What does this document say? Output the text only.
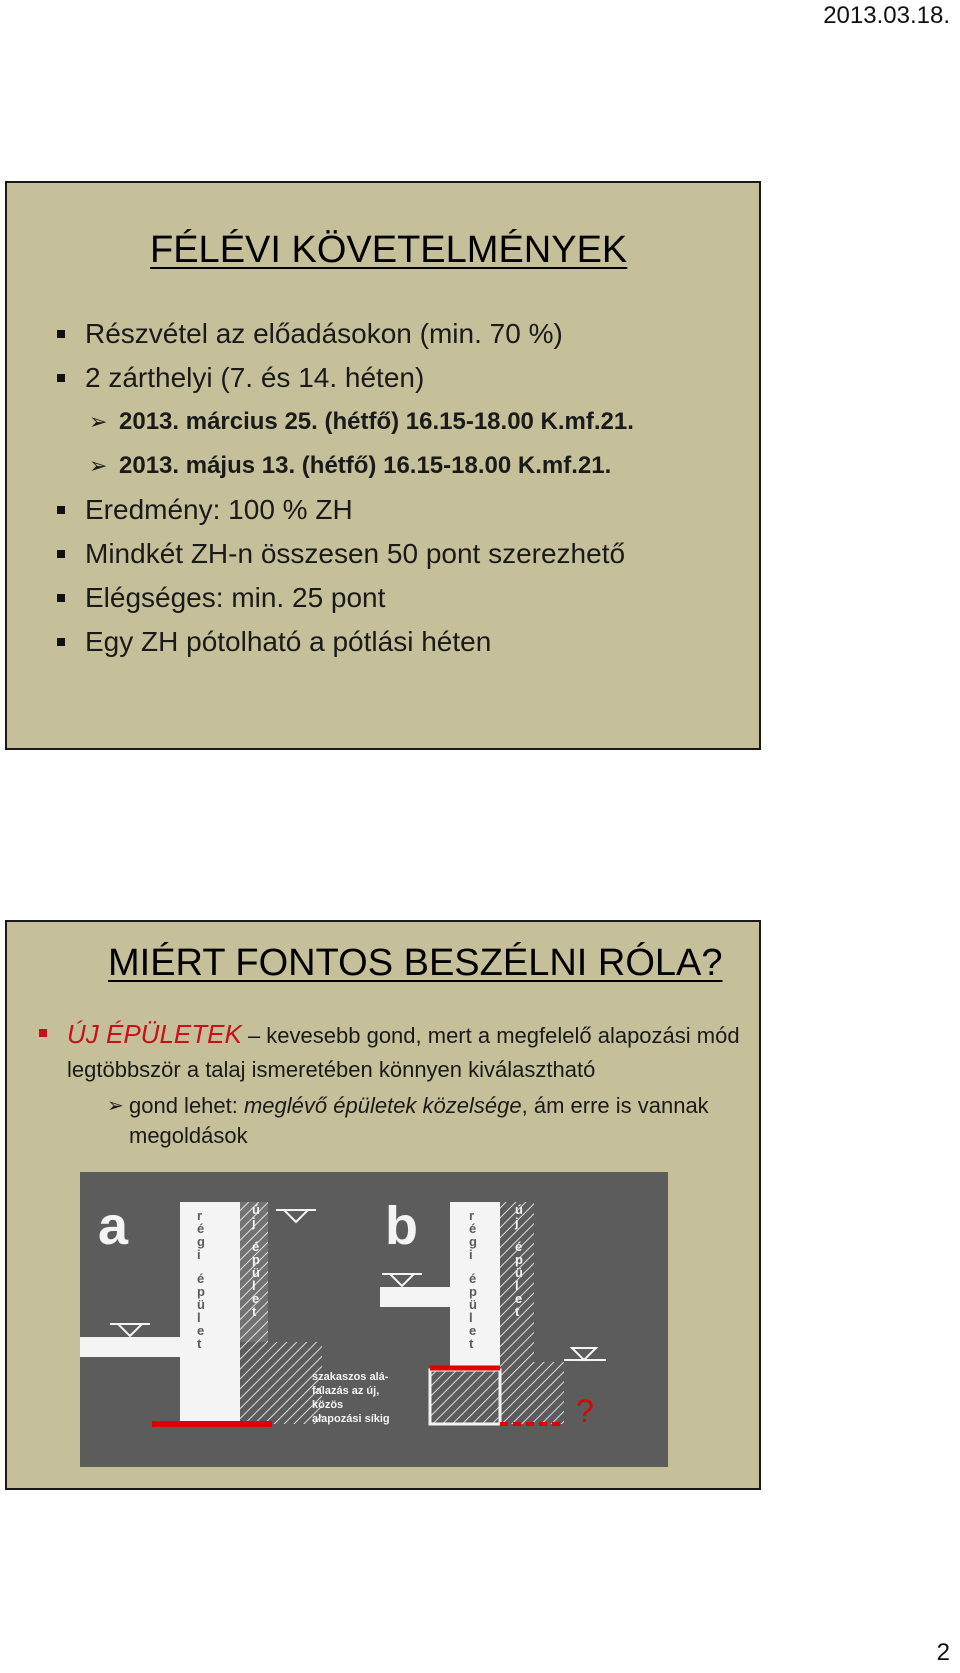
2013.03.18.
FÉLÉVI KÖVETELMÉNYEK
Részvétel az előadásokon (min. 70 %)
2 zárthelyi (7. és 14. héten)
➢ 2013. március 25. (hétfő) 16.15-18.00 K.mf.21.
➢ 2013. május 13. (hétfő) 16.15-18.00 K.mf.21.
Eredmény: 100 % ZH
Mindkét ZH-n összesen 50 pont szerezhető
Elégséges: min. 25 pont
Egy ZH pótolható a pótlási héten
MIÉRT FONTOS BESZÉLNI RÓLA?
ÚJ ÉPÜLETEK – kevesebb gond, mert a megfelelő alapozási mód legtöbbször a talaj ismeretében könnyen kiválasztható
➢ gond lehet: meglévő épületek közelsége, ám erre is vannak megoldások
a	r é g i é p ü l e t
ú j é p ü l e t
b	r é g i é p ü l e t
ú j é p ü l e t
szakaszos alá- falazás az új, közös alapozási síkig	?
2
